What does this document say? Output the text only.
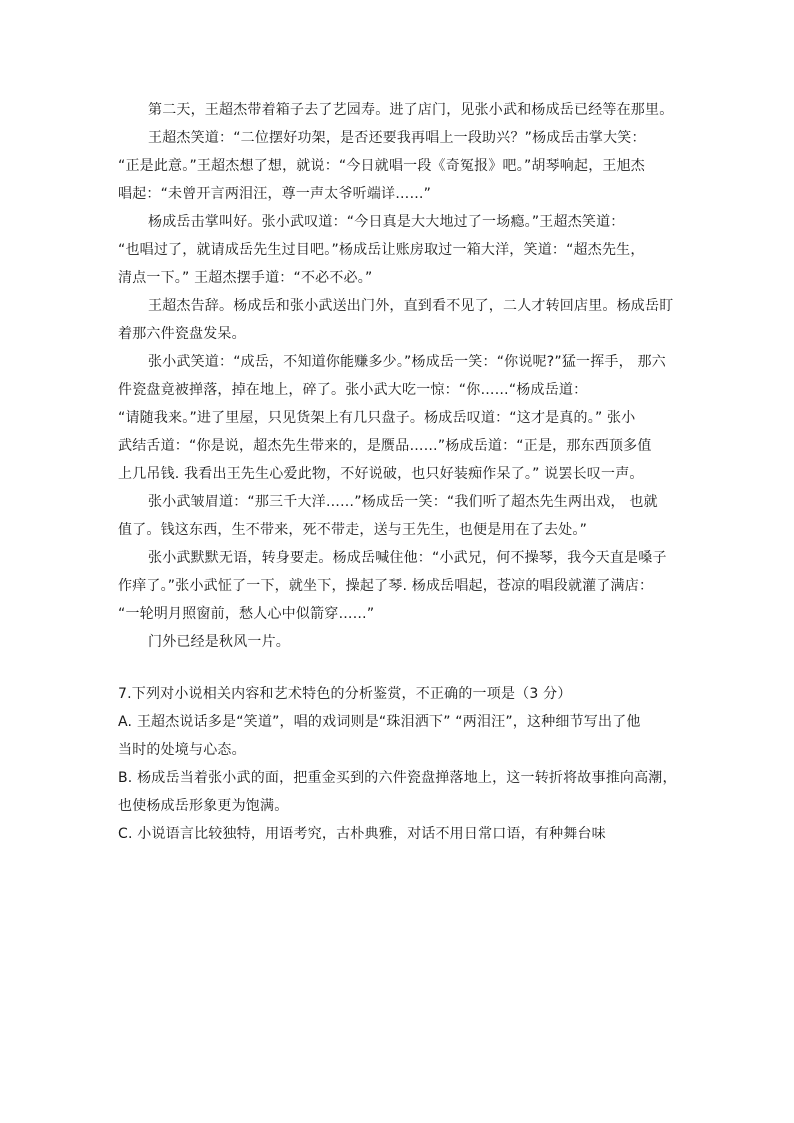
第二天，王超杰带着箱子去了艺园寿。进了店门，见张小武和杨成岳已经等在那里。
王超杰笑道：“二位摆好功架，是否还要我再唱上一段助兴？”杨成岳击掌大笑：
“正是此意。”王超杰想了想，就说：“今日就唱一段《奇冤报》吧。”胡琴响起，王旭杰
唱起：“未曾开言两泪汪，尊一声太爷听端详……”
杨成岳击掌叫好。张小武叹道：“今日真是大大地过了一场瘾。”王超杰笑道：
“也唱过了，就请成岳先生过目吧。”杨成岳让账房取过一箱大洋，笑道：“超杰先生，
清点一下。” 王超杰摆手道：“不必不必。”
王超杰告辞。杨成岳和张小武送出门外，直到看不见了，二人才转回店里。杨成岳盯
着那六件瓷盘发呆。
张小武笑道：“成岳，不知道你能赚多少。”杨成岳一笑：“你说呢?”猛一挥手， 那六
件瓷盘竟被掸落，掉在地上，碎了。张小武大吃一惊：“你……“杨成岳道：
“请随我来。”进了里屋，只见货架上有几只盘子。杨成岳叹道：“这才是真的。” 张小
武结舌道：“你是说，超杰先生带来的，是赝品……”杨成岳道：“正是，那东西顶多值
上几吊钱. 我看出王先生心爱此物，不好说破，也只好装痴作呆了。” 说罢长叹一声。
张小武皱眉道：“那三千大洋……”杨成岳一笑：“我们听了超杰先生两出戏， 也就
值了。钱这东西，生不带来，死不带走，送与王先生，也便是用在了去处。”
张小武默默无语，转身要走。杨成岳喊住他：“小武兄，何不操琴，我今天直是嗓子
作痒了。”张小武怔了一下，就坐下，操起了琴. 杨成岳唱起，苍凉的唱段就灌了满店：
“一轮明月照窗前，愁人心中似箭穿……”
门外已经是秋风一片。
7.下列对小说相关内容和艺术特色的分析鉴赏，不正确的一项是（3 分）
A. 王超杰说话多是“笑道”，唱的戏词则是“珠泪洒下” “两泪汪”，这种细节写出了他
当时的处境与心态。
B. 杨成岳当着张小武的面，把重金买到的六件瓷盘掸落地上，这一转折将故事推向高潮，
也使杨成岳形象更为饱满。
C. 小说语言比较独特，用语考究，古朴典雅，对话不用日常口语，有种舞台味
